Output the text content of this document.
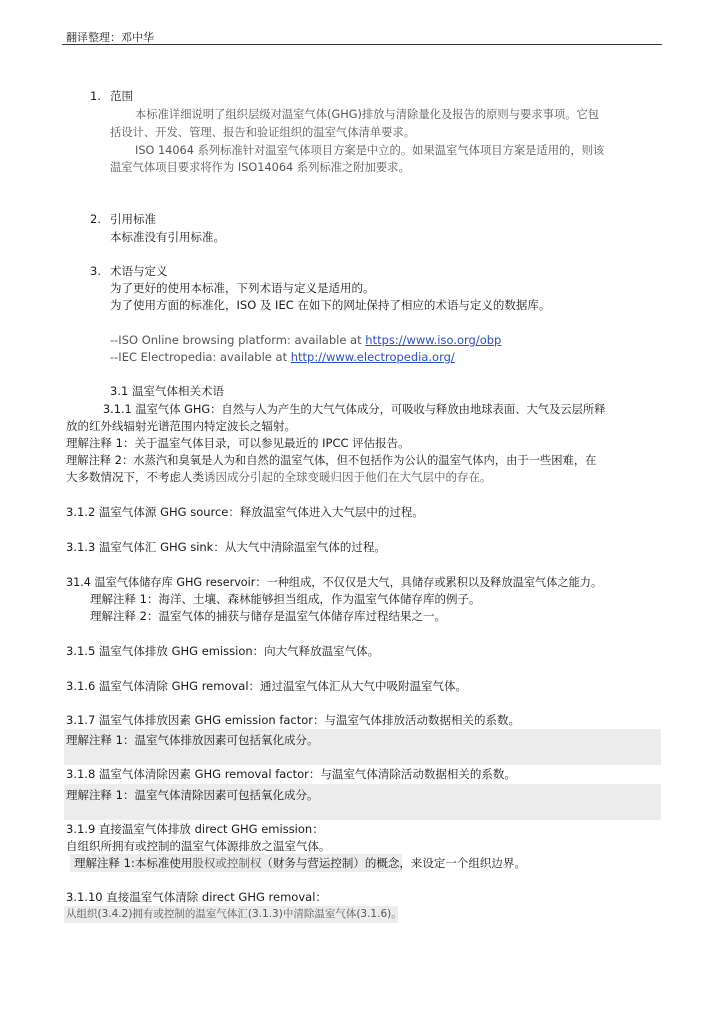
翻译整理：邓中华
1. 范围
本标准详细说明了组织层级对温室气体(GHG)排放与清除量化及报告的原则与要求事项。它包
括设计、开发、管理、报告和验证组织的温室气体清单要求。
ISO 14064 系列标准针对温室气体项目方案是中立的。如果温室气体项目方案是适用的，则该
温室气体项目要求将作为 ISO14064 系列标准之附加要求。
2. 引用标准
本标准没有引用标准。
3. 术语与定义
为了更好的使用本标准，下列术语与定义是适用的。
为了使用方面的标准化，ISO 及 IEC 在如下的网址保持了相应的术语与定义的数据库。
--ISO Online browsing platform: available at https://www.iso.org/obp
--IEC Electropedia: available at http://www.electropedia.org/
3.1 温室气体相关术语
3.1.1 温室气体 GHG：自然与人为产生的大气气体成分，可吸收与释放由地球表面、大气及云层所释
放的红外线辐射光谱范围内特定波长之辐射。
理解注释 1：关于温室气体目录，可以参见最近的 IPCC 评估报告。
理解注释 2：水蒸汽和臭氧是人为和自然的温室气体，但不包括作为公认的温室气体内，由于一些困难，在
大多数情况下，不考虑人类诱因成分引起的全球变暖归因于他们在大气层中的存在。
3.1.2 温室气体源 GHG source：释放温室气体进入大气层中的过程。
3.1.3 温室气体汇 GHG sink：从大气中清除温室气体的过程。
31.4 温室气体储存库 GHG reservoir：一种组成，不仅仅是大气，具储存或累积以及释放温室气体之能力。
理解注释 1：海洋、土壤、森林能够担当组成，作为温室气体储存库的例子。
理解注释 2：温室气体的捕获与储存是温室气体储存库过程结果之一。
3.1.5 温室气体排放 GHG emission：向大气释放温室气体。
3.1.6 温室气体清除 GHG removal：通过温室气体汇从大气中吸附温室气体。
3.1.7 温室气体排放因素 GHG emission factor：与温室气体排放活动数据相关的系数。
理解注释 1：温室气体排放因素可包括氧化成分。
3.1.8 温室气体清除因素 GHG removal factor：与温室气体清除活动数据相关的系数。
理解注释 1：温室气体清除因素可包括氧化成分。
3.1.9 直接温室气体排放 direct GHG emission：
自组织所拥有或控制的温室气体源排放之温室气体。
理解注释 1:本标准使用股权或控制权（财务与营运控制）的概念，来设定一个组织边界。
3.1.10 直接温室气体清除 direct GHG removal：
从组织(3.4.2)拥有或控制的温室气体汇(3.1.3)中清除温室气体(3.1.6)。
